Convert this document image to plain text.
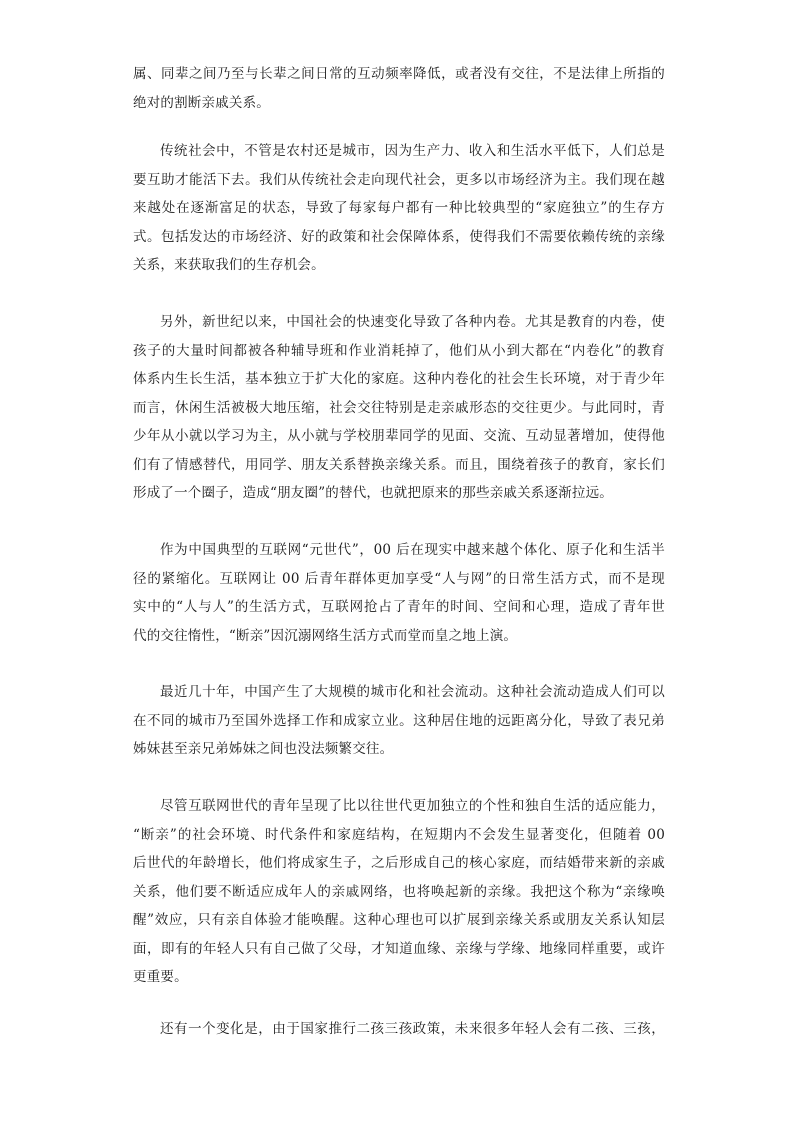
属、同辈之间乃至与长辈之间日常的互动频率降低，或者没有交往，不是法律上所指的
绝对的割断亲戚关系。
传统社会中，不管是农村还是城市，因为生产力、收入和生活水平低下，人们总是
要互助才能活下去。我们从传统社会走向现代社会，更多以市场经济为主。我们现在越
来越处在逐渐富足的状态，导致了每家每户都有一种比较典型的“家庭独立”的生存方
式。包括发达的市场经济、好的政策和社会保障体系，使得我们不需要依赖传统的亲缘
关系，来获取我们的生存机会。
另外，新世纪以来，中国社会的快速变化导致了各种内卷。尤其是教育的内卷，使
孩子的大量时间都被各种辅导班和作业消耗掉了，他们从小到大都在“内卷化”的教育
体系内生长生活，基本独立于扩大化的家庭。这种内卷化的社会生长环境，对于青少年
而言，休闲生活被极大地压缩，社会交往特别是走亲戚形态的交往更少。与此同时，青
少年从小就以学习为主，从小就与学校朋辈同学的见面、交流、互动显著增加，使得他
们有了情感替代，用同学、朋友关系替换亲缘关系。而且，围绕着孩子的教育，家长们
形成了一个圈子，造成“朋友圈”的替代，也就把原来的那些亲戚关系逐渐拉远。
作为中国典型的互联网“元世代”，00 后在现实中越来越个体化、原子化和生活半
径的紧缩化。互联网让 00 后青年群体更加享受“人与网”的日常生活方式，而不是现
实中的“人与人”的生活方式，互联网抢占了青年的时间、空间和心理，造成了青年世
代的交往惰性，“断亲”因沉溺网络生活方式而堂而皇之地上演。
最近几十年，中国产生了大规模的城市化和社会流动。这种社会流动造成人们可以
在不同的城市乃至国外选择工作和成家立业。这种居住地的远距离分化，导致了表兄弟
姊妹甚至亲兄弟姊妹之间也没法频繁交往。
尽管互联网世代的青年呈现了比以往世代更加独立的个性和独自生活的适应能力，
“断亲”的社会环境、时代条件和家庭结构，在短期内不会发生显著变化，但随着 00
后世代的年龄增长，他们将成家生子，之后形成自己的核心家庭，而结婚带来新的亲戚
关系，他们要不断适应成年人的亲戚网络，也将唤起新的亲缘。我把这个称为“亲缘唤
醒”效应，只有亲自体验才能唤醒。这种心理也可以扩展到亲缘关系或朋友关系认知层
面，即有的年轻人只有自己做了父母，才知道血缘、亲缘与学缘、地缘同样重要，或许
更重要。
还有一个变化是，由于国家推行二孩三孩政策，未来很多年轻人会有二孩、三孩，
